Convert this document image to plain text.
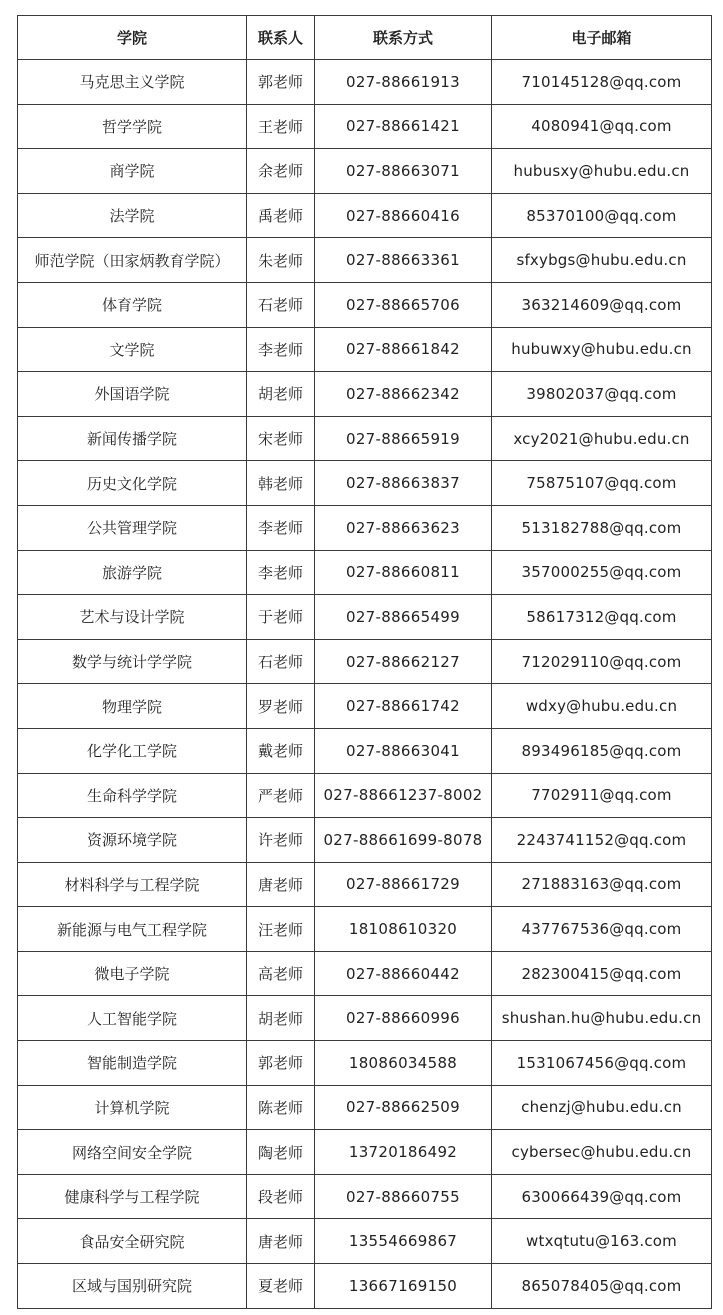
学院	联系人	联系方式	电子邮箱
马克思主义学院	郭老师	027-88661913	710145128@qq.com
哲学学院	王老师	027-88661421	4080941@qq.com
商学院	余老师	027-88663071	hubusxy@hubu.edu.cn
法学院	禹老师	027-88660416	85370100@qq.com
师范学院（田家炳教育学院）	朱老师	027-88663361	sfxybgs@hubu.edu.cn
体育学院	石老师	027-88665706	363214609@qq.com
文学院	李老师	027-88661842	hubuwxy@hubu.edu.cn
外国语学院	胡老师	027-88662342	39802037@qq.com
新闻传播学院	宋老师	027-88665919	xcy2021@hubu.edu.cn
历史文化学院	韩老师	027-88663837	75875107@qq.com
公共管理学院	李老师	027-88663623	513182788@qq.com
旅游学院	李老师	027-88660811	357000255@qq.com
艺术与设计学院	于老师	027-88665499	58617312@qq.com
数学与统计学学院	石老师	027-88662127	712029110@qq.com
物理学院	罗老师	027-88661742	wdxy@hubu.edu.cn
化学化工学院	戴老师	027-88663041	893496185@qq.com
生命科学学院	严老师	027-88661237-8002	7702911@qq.com
资源环境学院	许老师	027-88661699-8078	2243741152@qq.com
材料科学与工程学院	唐老师	027-88661729	271883163@qq.com
新能源与电气工程学院	汪老师	18108610320	437767536@qq.com
微电子学院	高老师	027-88660442	282300415@qq.com
人工智能学院	胡老师	027-88660996	shushan.hu@hubu.edu.cn
智能制造学院	郭老师	18086034588	1531067456@qq.com
计算机学院	陈老师	027-88662509	chenzj@hubu.edu.cn
网络空间安全学院	陶老师	13720186492	cybersec@hubu.edu.cn
健康科学与工程学院	段老师	027-88660755	630066439@qq.com
食品安全研究院	唐老师	13554669867	wtxqtutu@163.com
区域与国别研究院	夏老师	13667169150	865078405@qq.com
